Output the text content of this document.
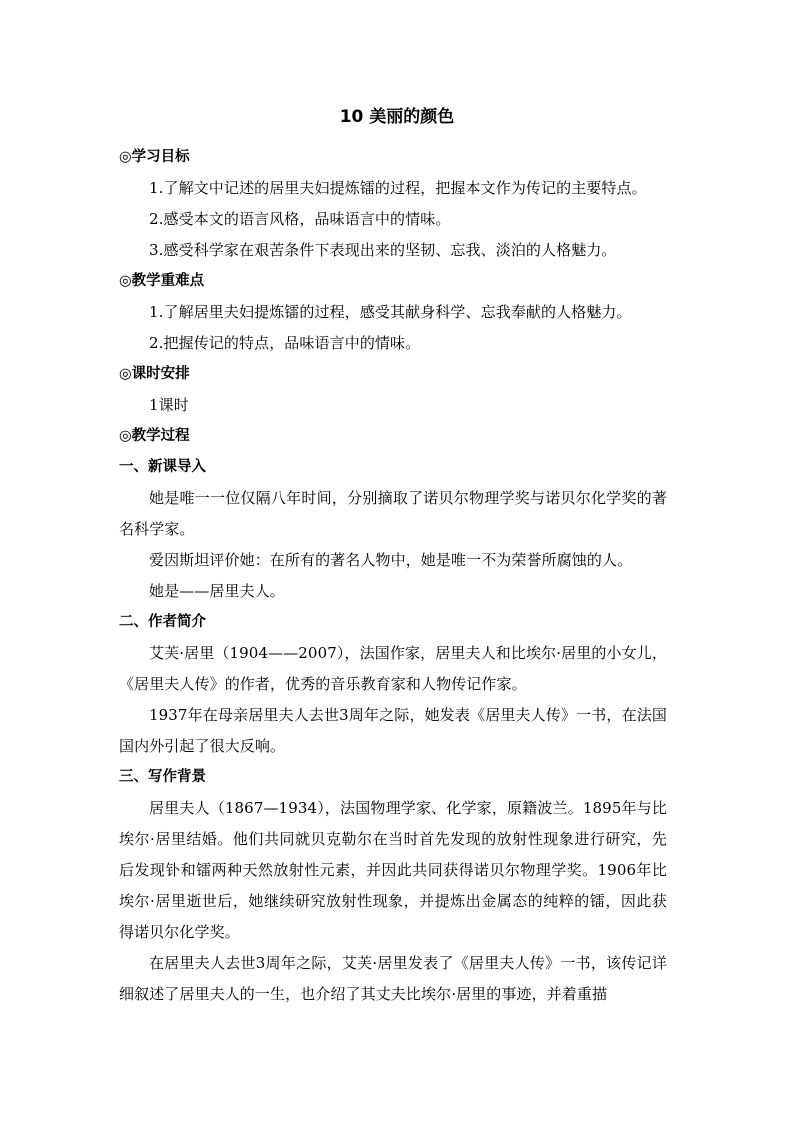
10 美丽的颜色

◎学习目标

1.了解文中记述的居里夫妇提炼镭的过程，把握本文作为传记的主要特点。

2.感受本文的语言风格，品味语言中的情味。

3.感受科学家在艰苦条件下表现出来的坚韧、忘我、淡泊的人格魅力。

◎教学重难点

1.了解居里夫妇提炼镭的过程，感受其献身科学、忘我奉献的人格魅力。

2.把握传记的特点，品味语言中的情味。

◎课时安排

1课时

◎教学过程

一、新课导入

她是唯一一位仅隔八年时间，分别摘取了诺贝尔物理学奖与诺贝尔化学奖的著名科学家。

爱因斯坦评价她：在所有的著名人物中，她是唯一不为荣誉所腐蚀的人。

她是——居里夫人。

二、作者简介

艾芙·居里（1904——2007），法国作家，居里夫人和比埃尔·居里的小女儿，《居里夫人传》的作者，优秀的音乐教育家和人物传记作家。

1937年在母亲居里夫人去世3周年之际，她发表《居里夫人传》一书，在法国国内外引起了很大反响。

三、写作背景

居里夫人（1867—1934），法国物理学家、化学家，原籍波兰。1895年与比埃尔·居里结婚。他们共同就贝克勒尔在当时首先发现的放射性现象进行研究，先后发现钋和镭两种天然放射性元素，并因此共同获得诺贝尔物理学奖。1906年比埃尔·居里逝世后，她继续研究放射性现象，并提炼出金属态的纯粹的镭，因此获得诺贝尔化学奖。

在居里夫人去世3周年之际，艾芙·居里发表了《居里夫人传》一书，该传记详细叙述了居里夫人的一生，也介绍了其丈夫比埃尔·居里的事迹，并着重描
